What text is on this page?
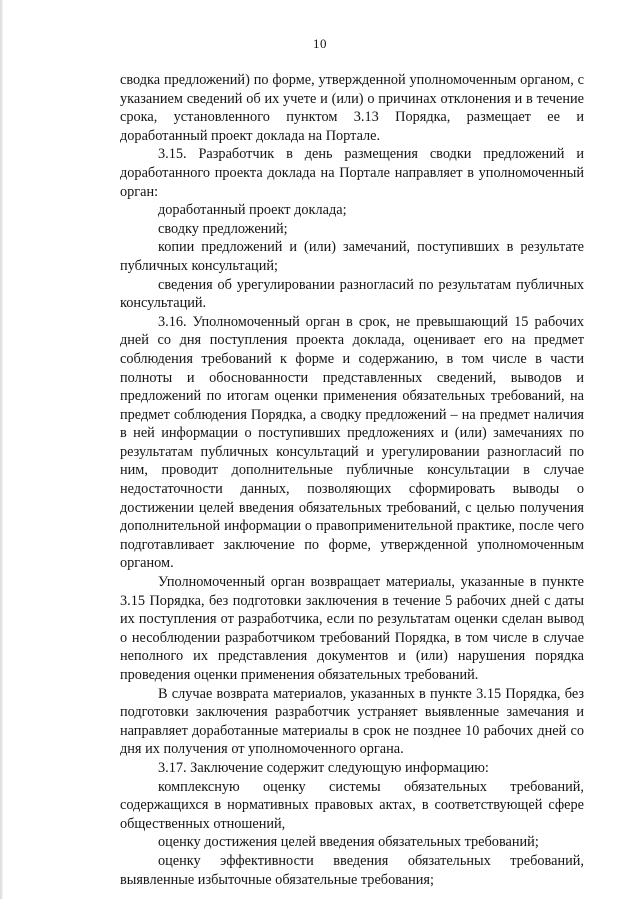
10

сводка предложений) по форме, утвержденной уполномоченным органом, с указанием сведений об их учете и (или) о причинах отклонения и в течение срока, установленного пунктом 3.13 Порядка, размещает ее и доработанный проект доклада на Портале.

3.15. Разработчик в день размещения сводки предложений и доработанного проекта доклада на Портале направляет в уполномоченный орган:

доработанный проект доклада;

сводку предложений;

копии предложений и (или) замечаний, поступивших в результате публичных консультаций;

сведения об урегулировании разногласий по результатам публичных консультаций.

3.16. Уполномоченный орган в срок, не превышающий 15 рабочих дней со дня поступления проекта доклада, оценивает его на предмет соблюдения требований к форме и содержанию, в том числе в части полноты и обоснованности представленных сведений, выводов и предложений по итогам оценки применения обязательных требований, на предмет соблюдения Порядка, а сводку предложений – на предмет наличия в ней информации о поступивших предложениях и (или) замечаниях по результатам публичных консультаций и урегулировании разногласий по ним, проводит дополнительные публичные консультации в случае недостаточности данных, позволяющих сформировать выводы о достижении целей введения обязательных требований, с целью получения дополнительной информации о правоприменительной практике, после чего подготавливает заключение по форме, утвержденной уполномоченным органом.

Уполномоченный орган возвращает материалы, указанные в пункте 3.15 Порядка, без подготовки заключения в течение 5 рабочих дней с даты их поступления от разработчика, если по результатам оценки сделан вывод о несоблюдении разработчиком требований Порядка, в том числе в случае неполного их представления документов и (или) нарушения порядка проведения оценки применения обязательных требований.

В случае возврата материалов, указанных в пункте 3.15 Порядка, без подготовки заключения разработчик устраняет выявленные замечания и направляет доработанные материалы в срок не позднее 10 рабочих дней со дня их получения от уполномоченного органа.

3.17. Заключение содержит следующую информацию:

комплексную оценку системы обязательных требований, содержащихся в нормативных правовых актах, в соответствующей сфере общественных отношений,

оценку достижения целей введения обязательных требований;

оценку эффективности введения обязательных требований, выявленные избыточные обязательные требования;
